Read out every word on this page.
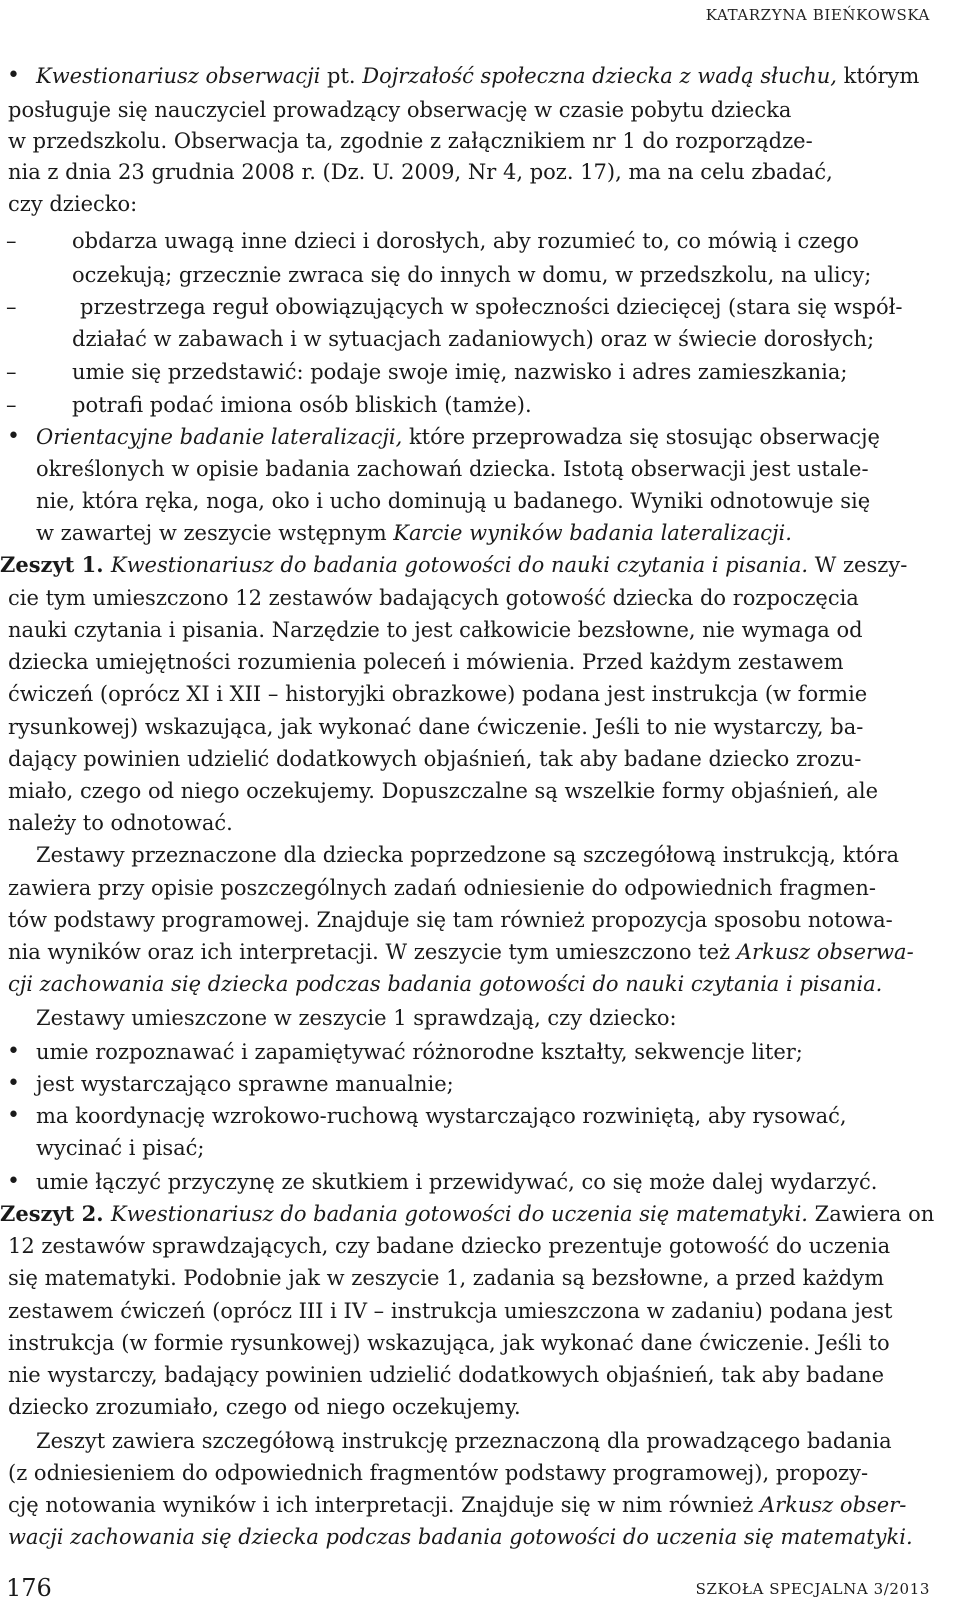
KATARZYNA BIEŃKOWSKA
• Kwestionariusz obserwacji pt. Dojrzałość społeczna dziecka z wadą słuchu, którym
posługuje się nauczyciel prowadzący obserwację w czasie pobytu dziecka
w przedszkolu. Obserwacja ta, zgodnie z załącznikiem nr 1 do rozporządze-
nia z dnia 23 grudnia 2008 r. (Dz. U. 2009, Nr 4, poz. 17), ma na celu zbadać,
czy dziecko:
–	obdarza uwagą inne dzieci i dorosłych, aby rozumieć to, co mówią i czego
oczekują; grzecznie zwraca się do innych w domu, w przedszkolu, na ulicy;
–	przestrzega reguł obowiązujących w społeczności dziecięcej (stara się współ-
działać w zabawach i w sytuacjach zadaniowych) oraz w świecie dorosłych;
–	umie się przedstawić: podaje swoje imię, nazwisko i adres zamieszkania;
–	potrafi podać imiona osób bliskich (tamże).
• Orientacyjne badanie lateralizacji, które przeprowadza się stosując obserwację
określonych w opisie badania zachowań dziecka. Istotą obserwacji jest ustale-
nie, która ręka, noga, oko i ucho dominują u badanego. Wyniki odnotowuje się
w zawartej w zeszycie wstępnym Karcie wyników badania lateralizacji.
Zeszyt 1. Kwestionariusz do badania gotowości do nauki czytania i pisania. W zeszy-
cie tym umieszczono 12 zestawów badających gotowość dziecka do rozpoczęcia
nauki czytania i pisania. Narzędzie to jest całkowicie bezsłowne, nie wymaga od
dziecka umiejętności rozumienia poleceń i mówienia. Przed każdym zestawem
ćwiczeń (oprócz XI i XII – historyjki obrazkowe) podana jest instrukcja (w formie
rysunkowej) wskazująca, jak wykonać dane ćwiczenie. Jeśli to nie wystarczy, ba-
dający powinien udzielić dodatkowych objaśnień, tak aby badane dziecko zrozu-
miało, czego od niego oczekujemy. Dopuszczalne są wszelkie formy objaśnień, ale
należy to odnotować.
Zestawy przeznaczone dla dziecka poprzedzone są szczegółową instrukcją, która
zawiera przy opisie poszczególnych zadań odniesienie do odpowiednich fragmen-
tów podstawy programowej. Znajduje się tam również propozycja sposobu notowa-
nia wyników oraz ich interpretacji. W zeszycie tym umieszczono też Arkusz obserwa-
cji zachowania się dziecka podczas badania gotowości do nauki czytania i pisania.
Zestawy umieszczone w zeszycie 1 sprawdzają, czy dziecko:
• umie rozpoznawać i zapamiętywać różnorodne kształty, sekwencje liter;
• jest wystarczająco sprawne manualnie;
• ma koordynację wzrokowo-ruchową wystarczająco rozwiniętą, aby rysować,
wycinać i pisać;
• umie łączyć przyczynę ze skutkiem i przewidywać, co się może dalej wydarzyć.
Zeszyt 2. Kwestionariusz do badania gotowości do uczenia się matematyki. Zawiera on
12 zestawów sprawdzających, czy badane dziecko prezentuje gotowość do uczenia
się matematyki. Podobnie jak w zeszycie 1, zadania są bezsłowne, a przed każdym
zestawem ćwiczeń (oprócz III i IV – instrukcja umieszczona w zadaniu) podana jest
instrukcja (w formie rysunkowej) wskazująca, jak wykonać dane ćwiczenie. Jeśli to
nie wystarczy, badający powinien udzielić dodatkowych objaśnień, tak aby badane
dziecko zrozumiało, czego od niego oczekujemy.
Zeszyt zawiera szczegółową instrukcję przeznaczoną dla prowadzącego badania
(z odniesieniem do odpowiednich fragmentów podstawy programowej), propozy-
cję notowania wyników i ich interpretacji. Znajduje się w nim również Arkusz obser-
wacji zachowania się dziecka podczas badania gotowości do uczenia się matematyki.
176	SZKOŁA SPECJALNA 3/2013
